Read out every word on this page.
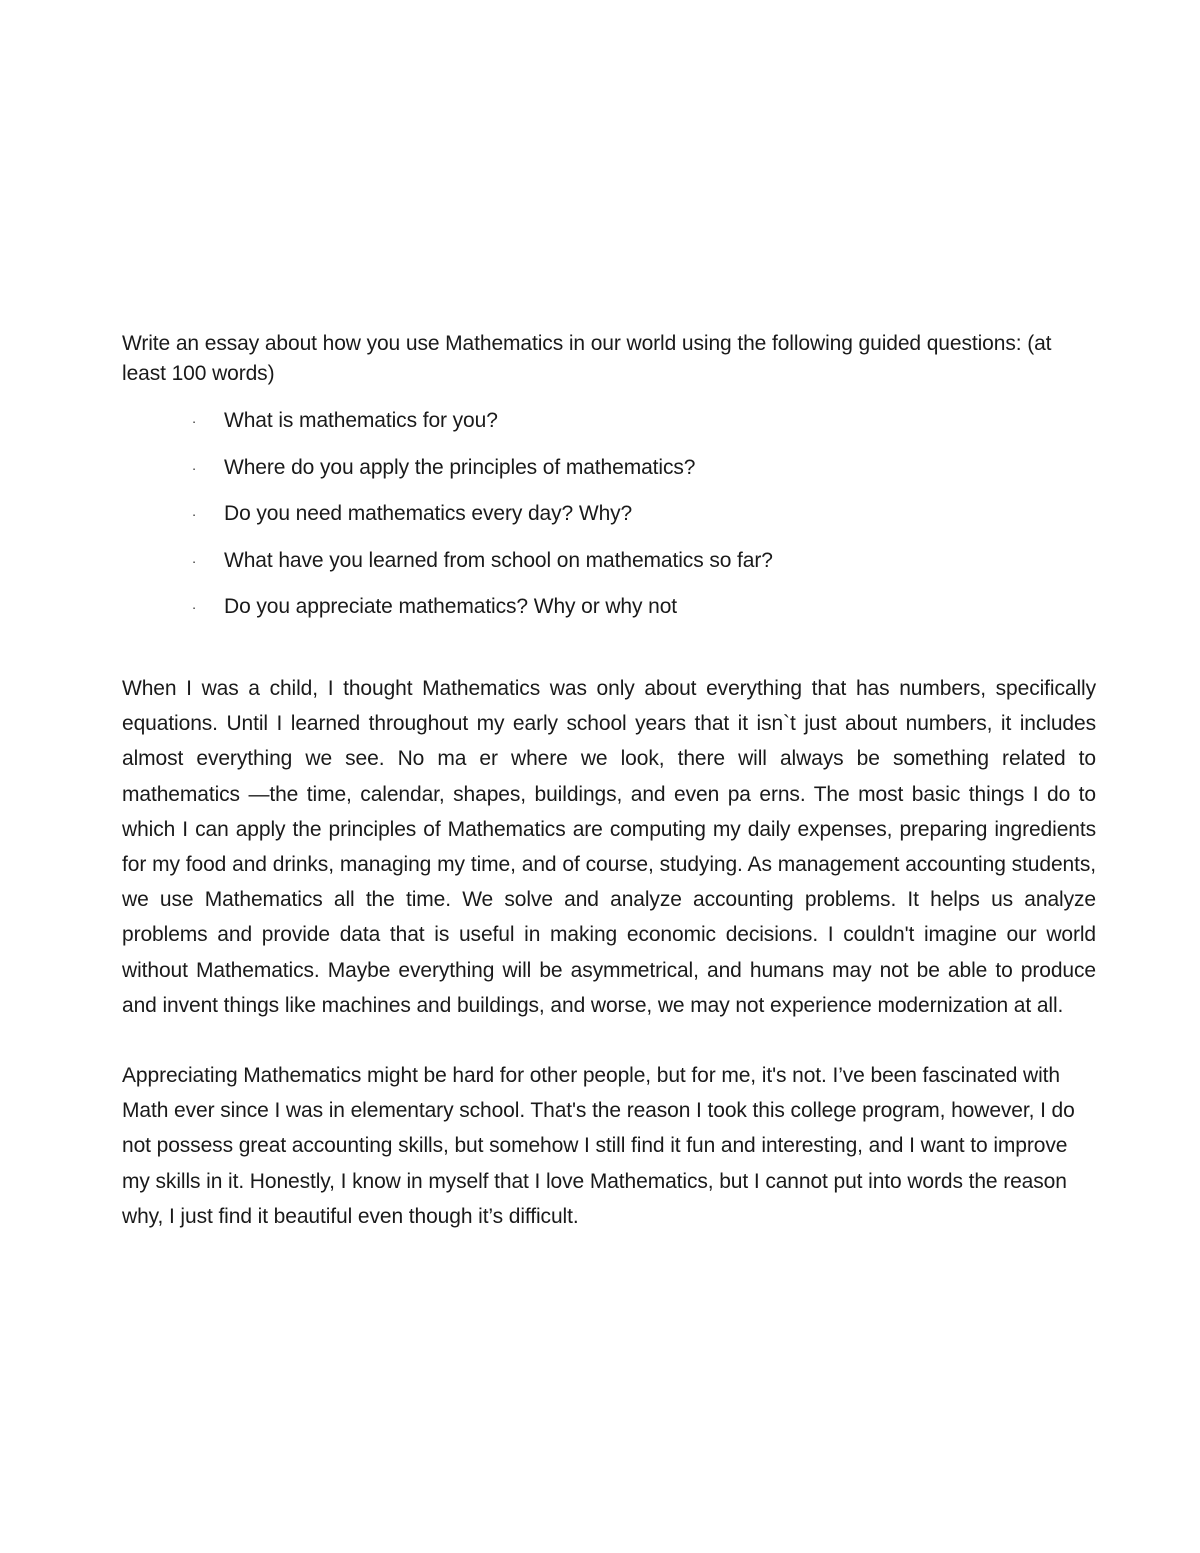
Write an essay about how you use Mathematics in our world using the following guided questions: (at least 100 words)

· What is mathematics for you?
· Where do you apply the principles of mathematics?
· Do you need mathematics every day? Why?
· What have you learned from school on mathematics so far?
· Do you appreciate mathematics? Why or why not

When I was a child, I thought Mathematics was only about everything that has numbers, specifically equations. Until I learned throughout my early school years that it isn`t just about numbers, it includes almost everything we see. No ma er where we look, there will always be something related to mathematics —the time, calendar, shapes, buildings, and even pa erns. The most basic things I do to which I can apply the principles of Mathematics are computing my daily expenses, preparing ingredients for my food and drinks, managing my time, and of course, studying. As management accounting students, we use Mathematics all the time. We solve and analyze accounting problems. It helps us analyze problems and provide data that is useful in making economic decisions. I couldn't imagine our world without Mathematics. Maybe everything will be asymmetrical, and humans may not be able to produce and invent things like machines and buildings, and worse, we may not experience modernization at all.

Appreciating Mathematics might be hard for other people, but for me, it's not. I’ve been fascinated with Math ever since I was in elementary school. That's the reason I took this college program, however, I do not possess great accounting skills, but somehow I still find it fun and interesting, and I want to improve my skills in it. Honestly, I know in myself that I love Mathematics, but I cannot put into words the reason why, I just find it beautiful even though it’s difficult.
